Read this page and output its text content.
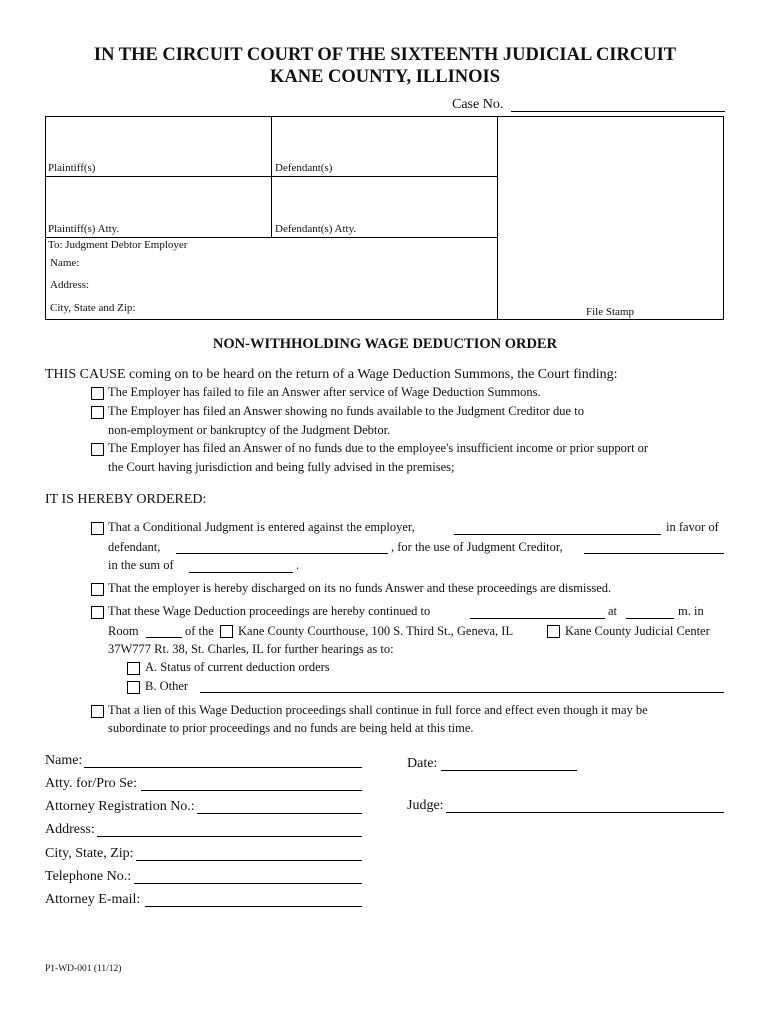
IN THE CIRCUIT COURT OF THE SIXTEENTH JUDICIAL CIRCUIT
KANE COUNTY, ILLINOIS
Case No.
Plaintiff(s)	Defendant(s)
Plaintiff(s) Atty.	Defendant(s) Atty.
To: Judgment Debtor Employer
Name:
Address:
City, State and Zip:	File Stamp
NON-WITHHOLDING WAGE DEDUCTION ORDER
THIS CAUSE coming on to be heard on the return of a Wage Deduction Summons, the Court finding:
The Employer has failed to file an Answer after service of Wage Deduction Summons.
The Employer has filed an Answer showing no funds available to the Judgment Creditor due to
non-employment or bankruptcy of the Judgment Debtor.
The Employer has filed an Answer of no funds due to the employee's insufficient income or prior support or
the Court having jurisdiction and being fully advised in the premises;
IT IS HEREBY ORDERED:
That a Conditional Judgment is entered against the employer,	in favor of
defendant,	, for the use of Judgment Creditor,
in the sum of	.
That the employer is hereby discharged on its no funds Answer and these proceedings are dismissed.
That these Wage Deduction proceedings are hereby continued to	at	m. in
Room	of the Kane County Courthouse, 100 S. Third St., Geneva, IL	Kane County Judicial Center
37W777 Rt. 38, St. Charles, IL for further hearings as to:
A. Status of current deduction orders
B. Other
That a lien of this Wage Deduction proceedings shall continue in full force and effect even though it may be
subordinate to prior proceedings and no funds are being held at this time.
Name:
Atty. for/Pro Se:
Attorney Registration No.:
Address:
City, State, Zip:
Telephone No.:
Attorney E-mail:
Date:
Judge:
P1-WD-001 (11/12)
